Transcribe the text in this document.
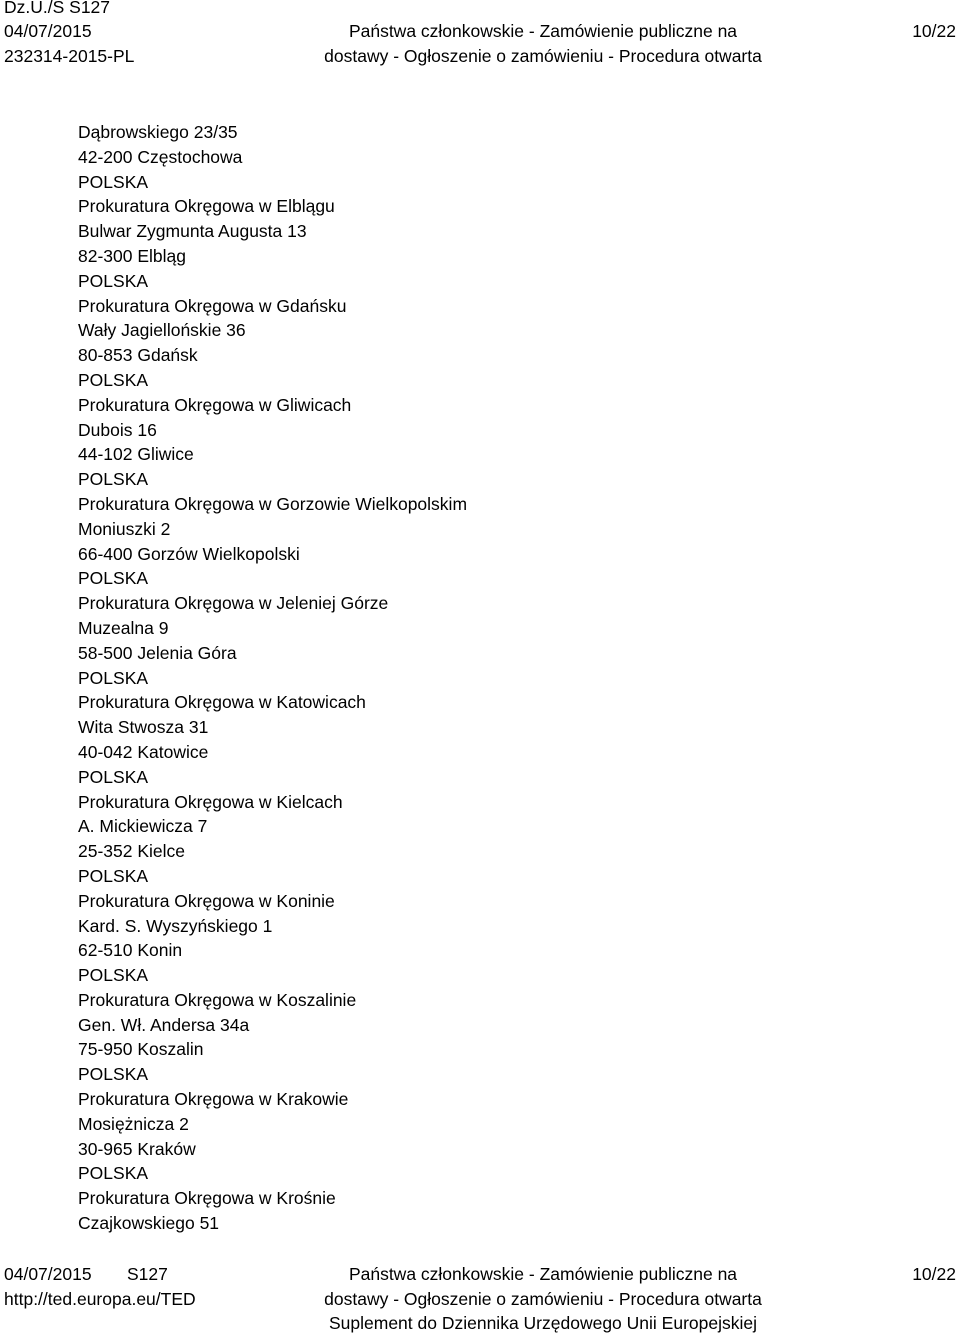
Dz.U./S S127
04/07/2015
232314-2015-PL
Państwa członkowskie - Zamówienie publiczne na
dostawy - Ogłoszenie o zamówieniu - Procedura otwarta
10/22
Dąbrowskiego 23/35
42-200 Częstochowa
POLSKA
Prokuratura Okręgowa w Elblągu
Bulwar Zygmunta Augusta 13
82-300 Elbląg
POLSKA
Prokuratura Okręgowa w Gdańsku
Wały Jagiellońskie 36
80-853 Gdańsk
POLSKA
Prokuratura Okręgowa w Gliwicach
Dubois 16
44-102 Gliwice
POLSKA
Prokuratura Okręgowa w Gorzowie Wielkopolskim
Moniuszki 2
66-400 Gorzów Wielkopolski
POLSKA
Prokuratura Okręgowa w Jeleniej Górze
Muzealna 9
58-500 Jelenia Góra
POLSKA
Prokuratura Okręgowa w Katowicach
Wita Stwosza 31
40-042 Katowice
POLSKA
Prokuratura Okręgowa w Kielcach
A. Mickiewicza 7
25-352 Kielce
POLSKA
Prokuratura Okręgowa w Koninie
Kard. S. Wyszyńskiego 1
62-510 Konin
POLSKA
Prokuratura Okręgowa w Koszalinie
Gen. Wł. Andersa 34a
75-950 Koszalin
POLSKA
Prokuratura Okręgowa w Krakowie
Mosiężnicza 2
30-965 Kraków
POLSKA
Prokuratura Okręgowa w Krośnie
Czajkowskiego 51
04/07/2015 S127
http://ted.europa.eu/TED
Państwa członkowskie - Zamówienie publiczne na
dostawy - Ogłoszenie o zamówieniu - Procedura otwarta
Suplement do Dziennika Urzędowego Unii Europejskiej
10/22
